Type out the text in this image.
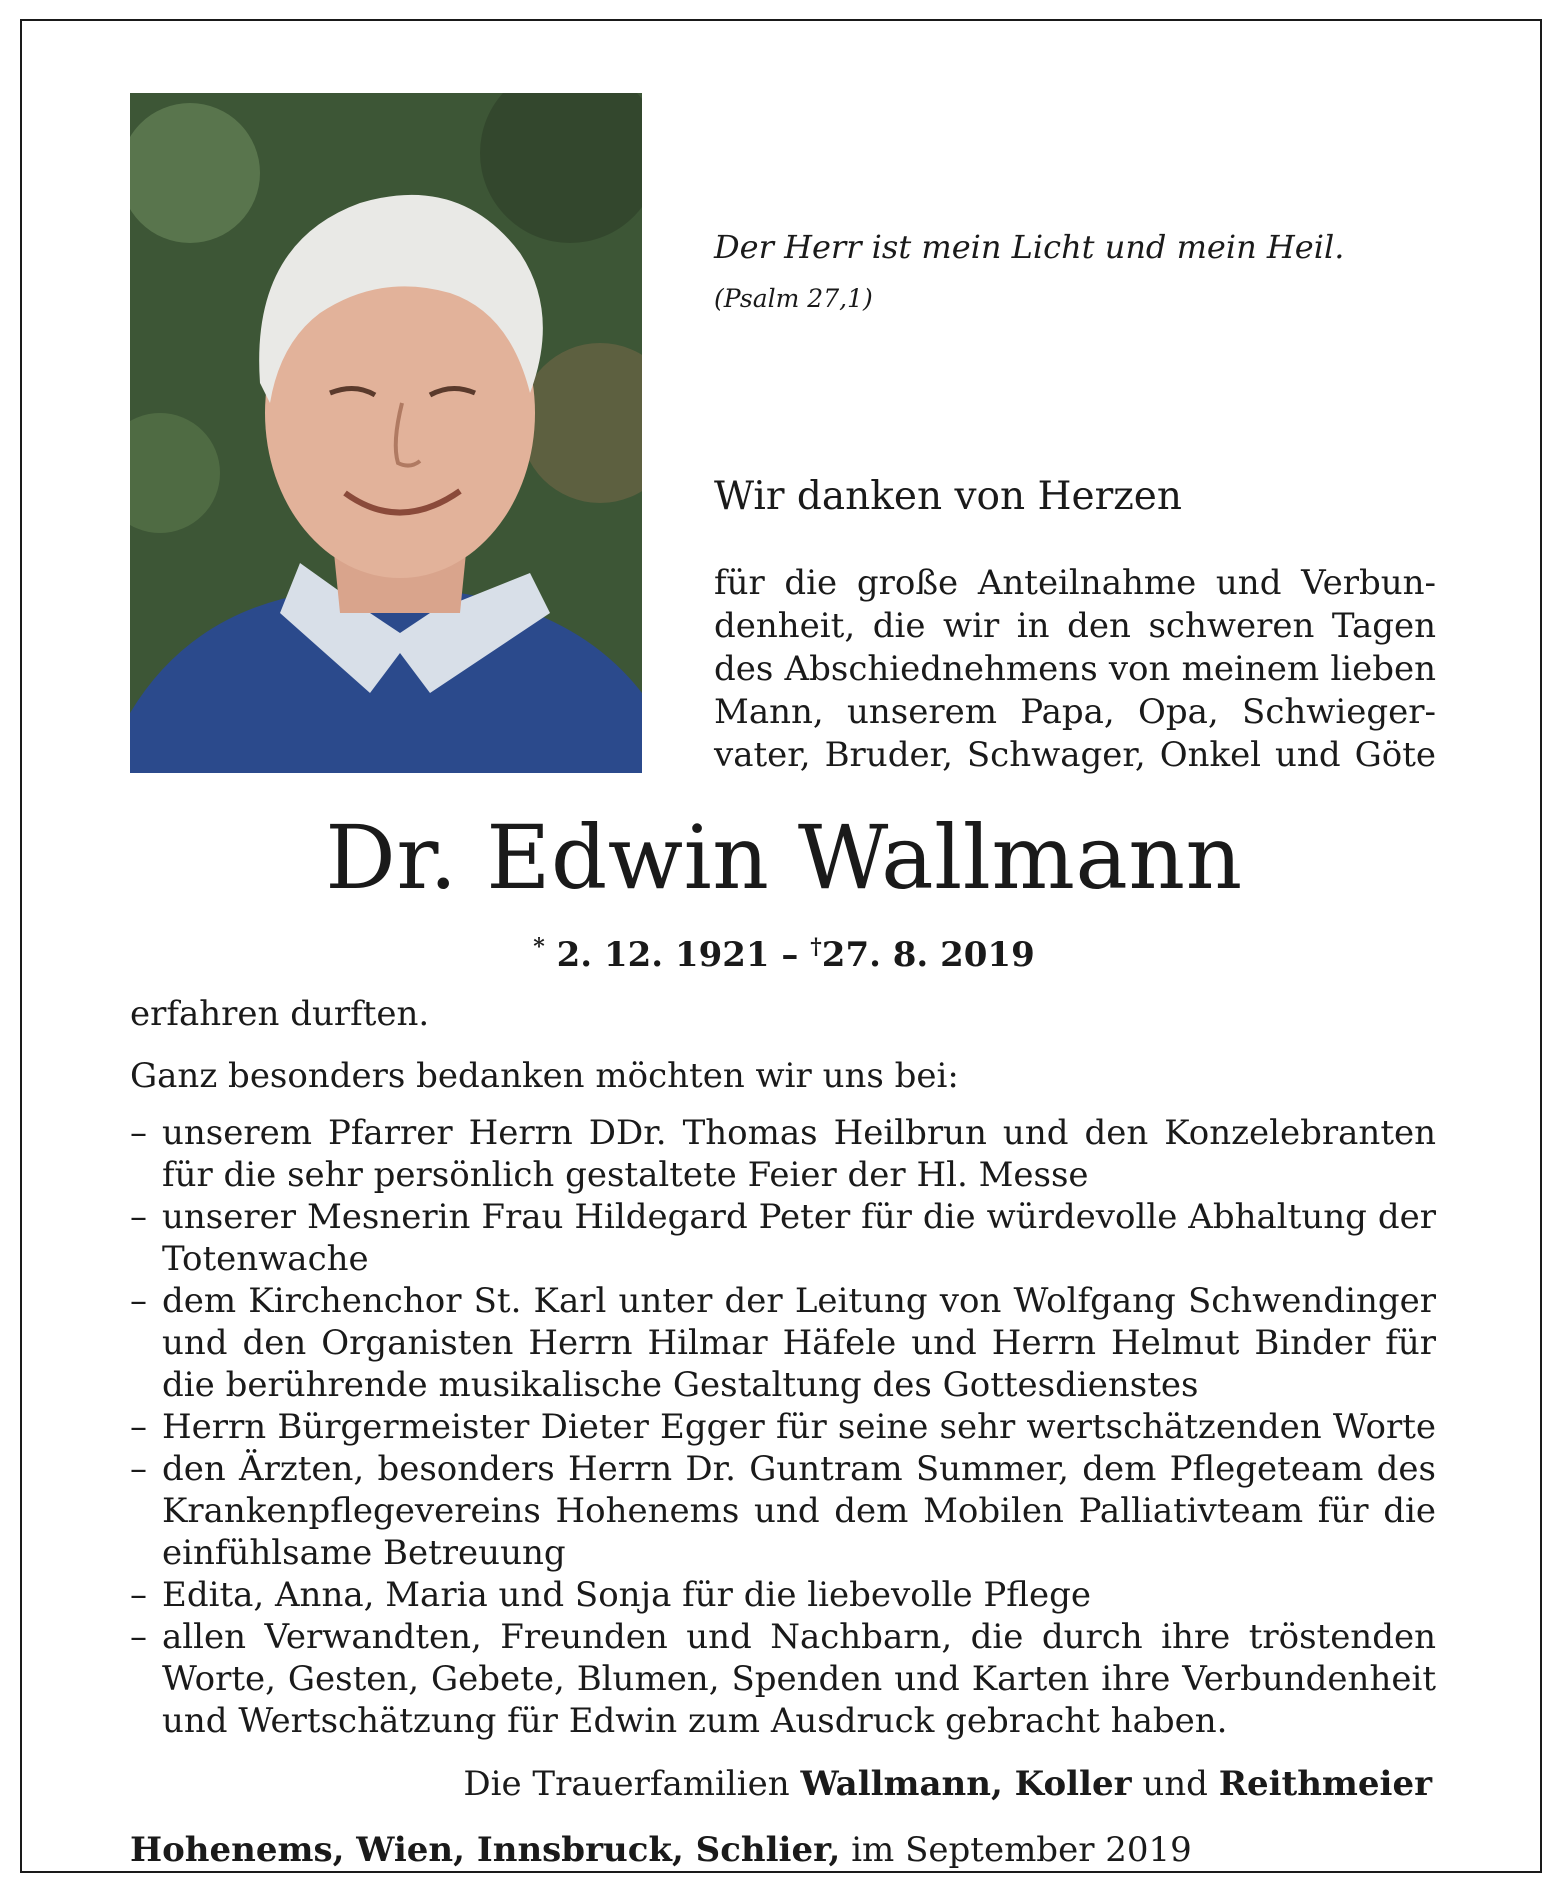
Der Herr ist mein Licht und mein Heil.
(Psalm 27,1)
Wir danken von Herzen
für die große Anteilnahme und Verbun-
denheit, die wir in den schweren Tagen
des Abschiednehmens von meinem lieben
Mann, unserem Papa, Opa, Schwieger-
vater, Bruder, Schwager, Onkel und Göte
Dr. Edwin Wallmann
* 2. 12. 1921 – †27. 8. 2019
erfahren durften.
Ganz besonders bedanken möchten wir uns bei:
– unserem Pfarrer Herrn DDr. Thomas Heilbrun und den Konzelebranten
für die sehr persönlich gestaltete Feier der Hl. Messe
– unserer Mesnerin Frau Hildegard Peter für die würdevolle Abhaltung der
Totenwache
– dem Kirchenchor St. Karl unter der Leitung von Wolfgang Schwendinger
und den Organisten Herrn Hilmar Häfele und Herrn Helmut Binder für
die berührende musikalische Gestaltung des Gottesdienstes
– Herrn Bürgermeister Dieter Egger für seine sehr wertschätzenden Worte
– den Ärzten, besonders Herrn Dr. Guntram Summer, dem Pflegeteam des
Krankenpflegevereins Hohenems und dem Mobilen Palliativteam für die
einfühlsame Betreuung
– Edita, Anna, Maria und Sonja für die liebevolle Pflege
– allen Verwandten, Freunden und Nachbarn, die durch ihre tröstenden
Worte, Gesten, Gebete, Blumen, Spenden und Karten ihre Verbundenheit
und Wertschätzung für Edwin zum Ausdruck gebracht haben.
Die Trauerfamilien Wallmann, Koller und Reithmeier
Hohenems, Wien, Innsbruck, Schlier, im September 2019
